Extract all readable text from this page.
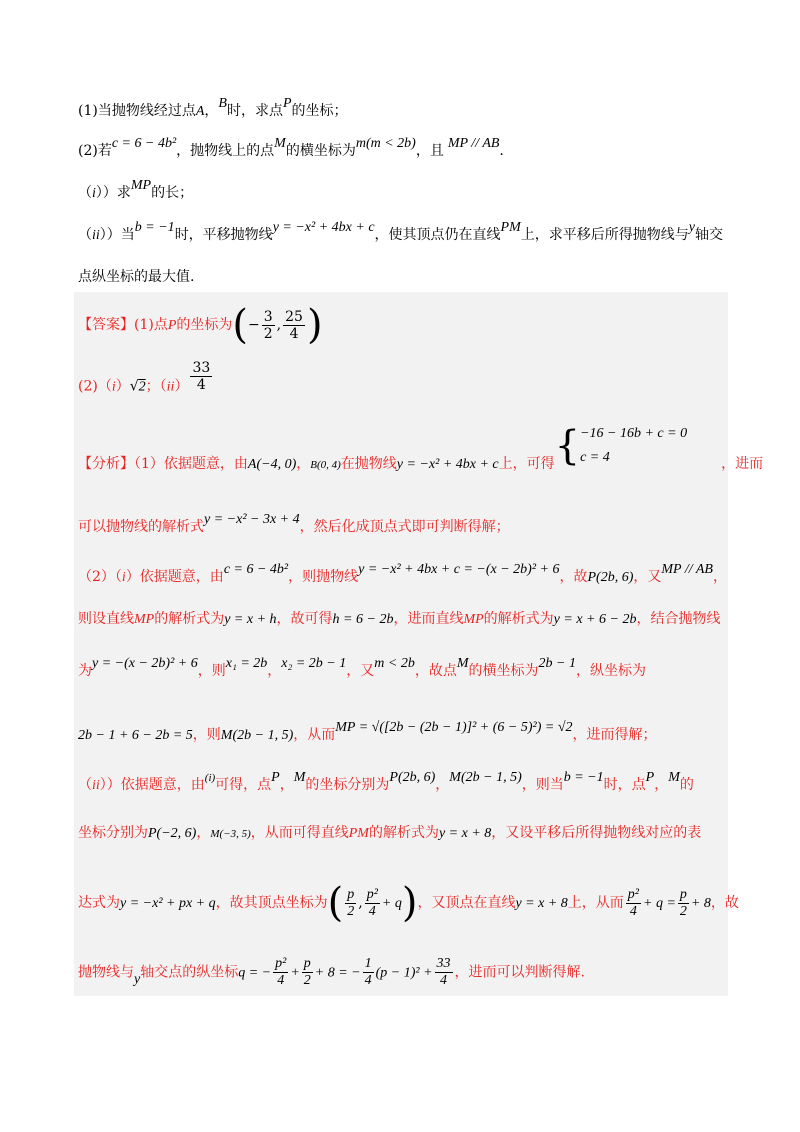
(1)当抛物线经过点A，B时，求点P的坐标；
(2)若c = 6 − 4b²，抛物线上的点M的横坐标为m(m < 2b)，且 MP // AB.
（i））求MP的长；
（ii））当b = −1时，平移抛物线y = −x² + 4bx + c，使其顶点仍在直线PM上，求平移后所得抛物线与y轴交
点纵坐标的最大值.
【答案】(1)点P的坐标为(− $\frac{3}{2}$ , $\frac{25}{4}$ )
(2)（i）√2；$(ii) \frac{33}{4}$
【分析】（1）依据题意，由A(−4, 0)，B(0, 4)在抛物线y = −x² + 4bx + c上，可得{ −16 − 16b + c = 0
c = 4	，进而
可以抛物线的解析式y = −x² − 3x + 4，然后化成顶点式即可判断得解；
（2）（i）依据题意，由c = 6 − 4b²，则抛物线y = −x² + 4bx + c = −(x − 2b)² + 6，故P(2b, 6)，又MP // AB，
则设直线MP的解析式为y = x + h，故可得h = 6 − 2b，进而直线MP的解析式为y = x + 6 − 2b，结合抛物线
为y = −(x − 2b)² + 6，则x₁ = 2b，x₂ = 2b − 1，又m < 2b，故点M的横坐标为2b − 1，纵坐标为
2b − 1 + 6 − 2b = 5，则M(2b − 1, 5)，从而MP = √([2b − (2b − 1)]² + (6 − 5)²) = √2，进而得解；
（ii））依据题意，由$^{(i)}$可得，点P，M的坐标分别为P(2b, 6)，M(2b − 1, 5)，则当b = −1时，点P，M的
坐标分别为P(−2, 6)，M(−3, 5)，从而可得直线PM的解析式为y = x + 8，又设平移后所得抛物线对应的表
达式为y = −x² + px + q，故其顶点坐标为( $\frac{p}{2}$ , $\frac{\text{p²}}{4} + q$)，又顶点在直线y = x + 8上，从而 $\frac{\text{p²}}{4} + q = \frac{p}{2} + 8$，故
抛物线与y轴交点的纵坐标q = − $\frac{\text{p²}}{4} + \frac{p}{2} + 8$ = − $\frac{1}{4} (p - 1)^2 + \frac{33}{4}$ ，进而可以判断得解.
